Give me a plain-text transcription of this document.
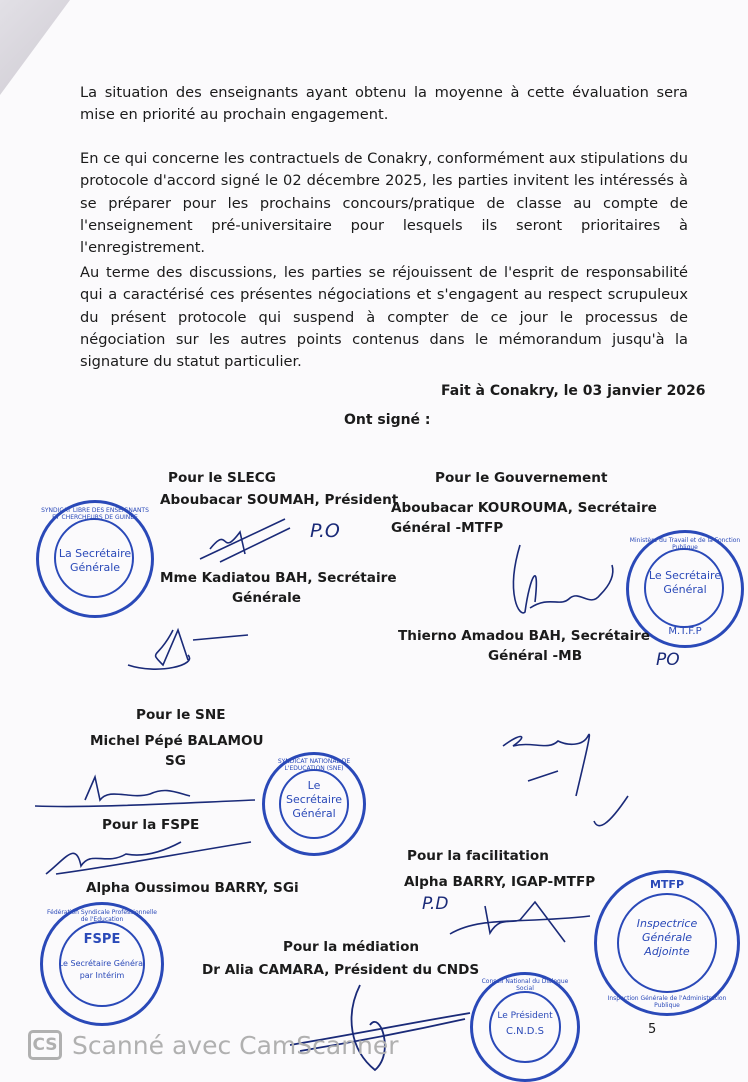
La situation des enseignants ayant obtenu la moyenne à cette évaluation sera mise en priorité au prochain engagement.

En ce qui concerne les contractuels de Conakry, conformément aux stipulations du protocole d'accord signé le 02 décembre 2025, les parties invitent les intéressés à se préparer pour les prochains concours/pratique de classe au compte de l'enseignement pré-universitaire pour lesquels ils seront prioritaires à l'enregistrement.

Au terme des discussions, les parties se réjouissent de l'esprit de responsabilité qui a caractérisé ces présentes négociations et s'engagent au respect scrupuleux du présent protocole qui suspend à compter de ce jour le processus de négociation sur les autres points contenus dans le mémorandum jusqu'à la signature du statut particulier.

Fait à Conakry, le 03 janvier 2026
Ont signé :
SYNDICAT LIBRE DES ENSEIGNANTS ET CHERCHEURS DE GUINEE
La Secrétaire
Générale
Pour le SLECG
Aboubacar SOUMAH, Président
P.O
Mme Kadiatou BAH, Secrétaire
Générale
Pour le Gouvernement
Aboubacar KOUROUMA, Secrétaire
Général -MTFP
Ministère du Travail et de la Fonction Publique
Le Secrétaire
Général
M.T.F.P
Thierno Amadou BAH, Secrétaire
PO
Général -MB
Pour le SNE
Michel Pépé BALAMOU
SG	SYNDICAT NATIONAL DE L'EDUCATION (SNE)
Le
Secrétaire
Général
Pour la FSPE
Alpha Oussimou BARRY, SGi
Fédération Syndicale Professionnelle de l'Education
FSPE
Le Secrétaire Général
par Intérim
Pour la facilitation
Alpha BARRY, IGAP-MTFP
P.D
MTFP
Inspectrice
Générale
Adjointe
Inspection Générale de l'Administration Publique
Pour la médiation
Dr Alia CAMARA, Président du CNDS
Conseil National du Dialogue Social
Le Président
C.N.D.S
CS Scanné avec CamScanner
5
